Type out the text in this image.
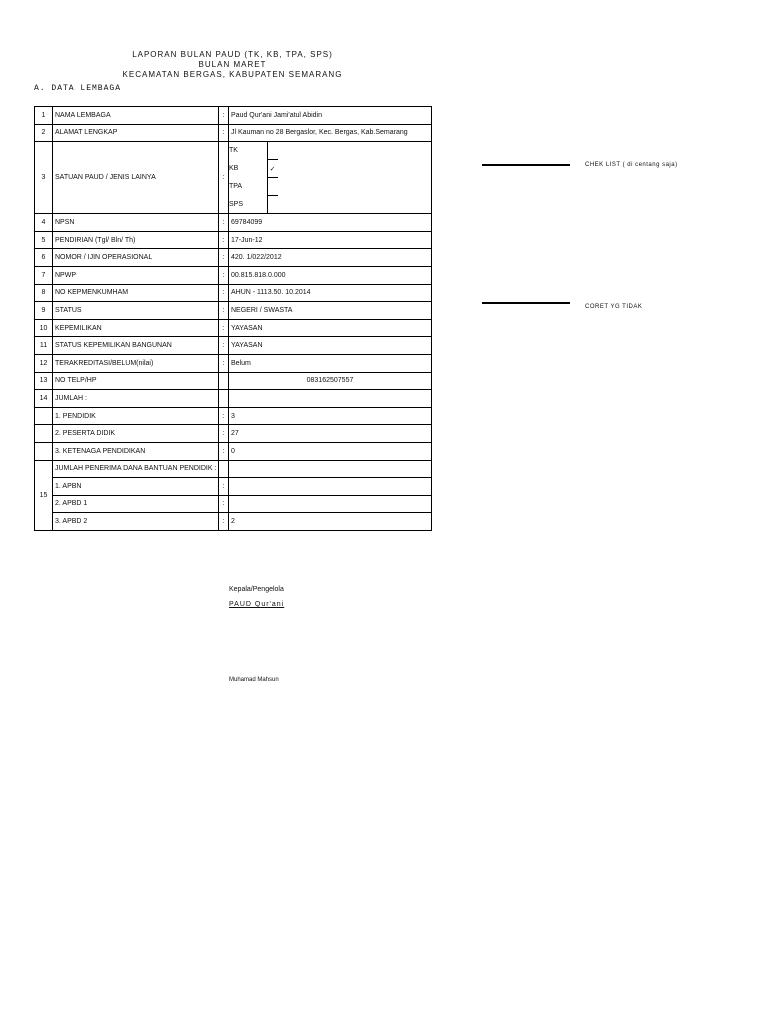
LAPORAN BULAN PAUD (TK, KB, TPA, SPS)
BULAN MARET
KECAMATAN BERGAS, KABUPATEN SEMARANG
A. DATA LEMBAGA
1	NAMA LEMBAGA	:	Paud Qur'ani Jami'atul Abidin
2	ALAMAT LENGKAP	:	Jl Kauman no 28 Bergaslor, Kec. Bergas, Kab.Semarang
3	SATUAN PAUD / JENIS LAINYA	:	
TK		
KB	✓	
TPA		
SPS		

4	NPSN	:	69784099
5	PENDIRIAN (Tgl/ Bln/ Th)	:	17-Jun-12
6	NOMOR / IJIN OPERASIONAL	:	420. 1/022/2012
7	NPWP	:	00.815.818.0.000
8	NO KEPMENKUMHAM	:	AHUN - 1113.50. 10.2014
9	STATUS	:	NEGERI / SWASTA
10	KEPEMILIKAN	:	YAYASAN
11	STATUS KEPEMILIKAN BANGUNAN	:	YAYASAN
12	TERAKREDITASI/BELUM(nilai)	:	Belum
13	NO TELP/HP		083162507557
14	JUMLAH :		
	1. PENDIDIK	:	3
	2. PESERTA DIDIK	:	27
	3. KETENAGA PENDIDIKAN	:	0
15	JUMLAH PENERIMA DANA BANTUAN PENDIDIK :		
1. APBN	:	
2. APBD 1	:	
3. APBD 2	:	2
CHEK LIST ( di centang saja)
CORET YG TIDAK
Kepala/Pengelola
PAUD Qur'ani
Muhamad Mahsun
